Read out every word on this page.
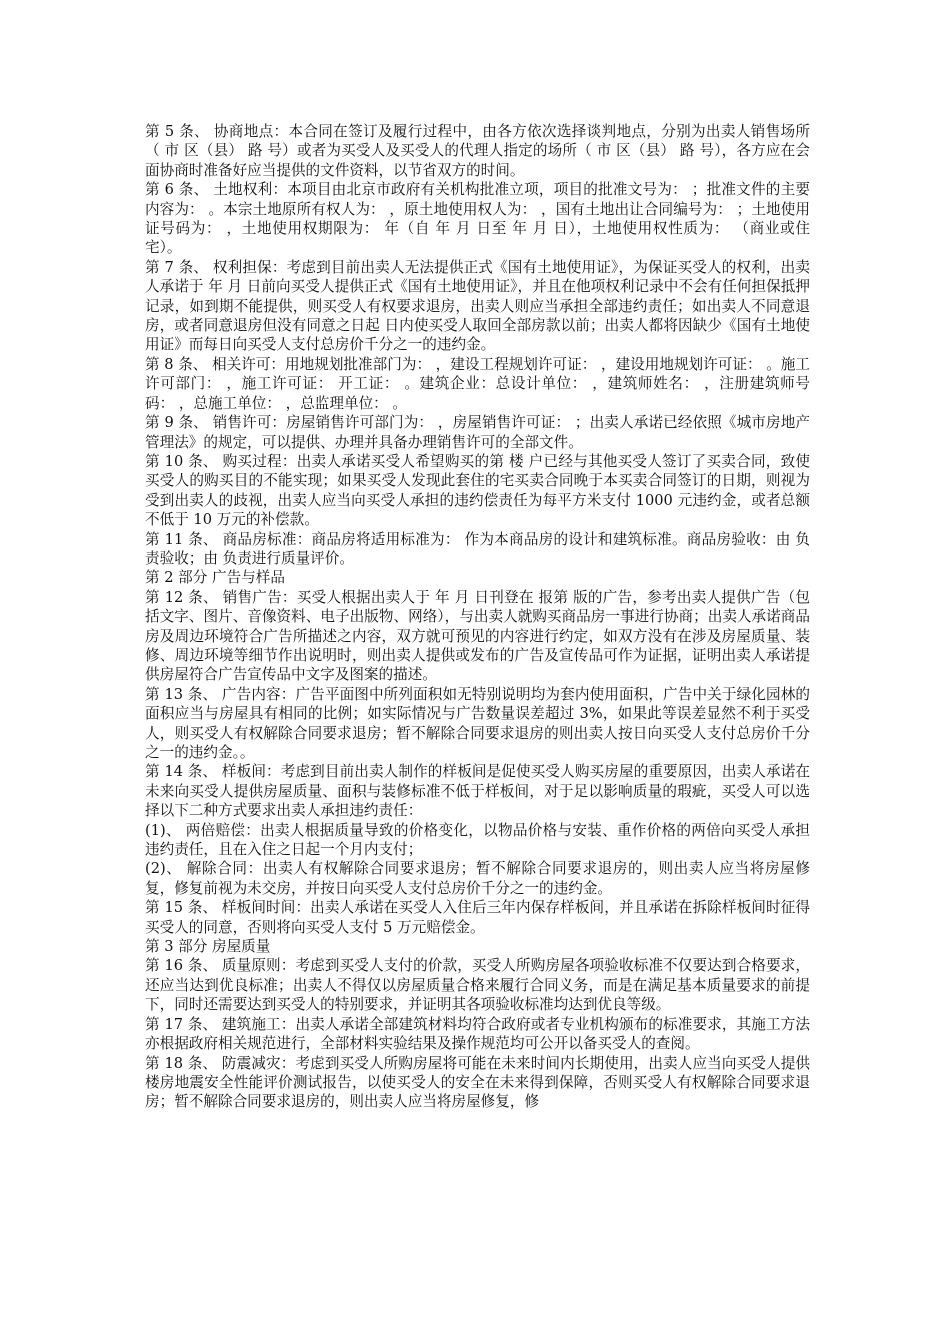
第 5 条、 协商地点：本合同在签订及履行过程中，由各方依次选择谈判地点，分别为出卖人销售场所（ 市 区（县） 路 号）或者为买受人及买受人的代理人指定的场所（ 市 区（县） 路 号），各方应在会面协商时准备好应当提供的文件资料，以节省双方的时间。

第 6 条、 土地权利：本项目由北京市政府有关机构批准立项，项目的批准文号为： ；批准文件的主要内容为： 。本宗土地原所有权人为： ，原土地使用权人为： ，国有土地出让合同编号为： ；土地使用证号码为： ，土地使用权期限为： 年（自 年 月 日至 年 月 日），土地使用权性质为： （商业或住宅）。

第 7 条、 权利担保：考虑到目前出卖人无法提供正式《国有土地使用证》，为保证买受人的权利，出卖人承诺于 年 月 日前向买受人提供正式《国有土地使用证》，并且在他项权利记录中不会有任何担保抵押记录，如到期不能提供，则买受人有权要求退房，出卖人则应当承担全部违约责任；如出卖人不同意退房，或者同意退房但没有同意之日起 日内使买受人取回全部房款以前；出卖人都将因缺少《国有土地使用证》而每日向买受人支付总房价千分之一的违约金。

第 8 条、 相关许可：用地规划批准部门为： ，建设工程规划许可证： ，建设用地规划许可证： 。施工许可部门： ，施工许可证： 开工证： 。建筑企业：总设计单位： ，建筑师姓名： ，注册建筑师号码： ，总施工单位： ，总监理单位： 。

第 9 条、 销售许可：房屋销售许可部门为： ，房屋销售许可证： ；出卖人承诺已经依照《城市房地产管理法》的规定，可以提供、办理并具备办理销售许可的全部文件。

第 10 条、 购买过程：出卖人承诺买受人希望购买的第 楼 户已经与其他买受人签订了买卖合同，致使买受人的购买目的不能实现；如果买受人发现此套住的宅买卖合同晚于本买卖合同签订的日期，则视为受到出卖人的歧视，出卖人应当向买受人承担的违约偿责任为每平方米支付 1000 元违约金，或者总额不低于 10 万元的补偿款。

第 11 条、 商品房标准：商品房将适用标准为： 作为本商品房的设计和建筑标准。商品房验收：由 负责验收；由 负责进行质量评价。

第 2 部分 广告与样品

第 12 条、 销售广告：买受人根据出卖人于 年 月 日刊登在 报第 版的广告，参考出卖人提供广告（包括文字、图片、音像资料、电子出版物、网络），与出卖人就购买商品房一事进行协商；出卖人承诺商品房及周边环境符合广告所描述之内容，双方就可预见的内容进行约定，如双方没有在涉及房屋质量、装修、周边环境等细节作出说明时，则出卖人提供或发布的广告及宣传品可作为证据，证明出卖人承诺提供房屋符合广告宣传品中文字及图案的描述。

第 13 条、 广告内容：广告平面图中所列面积如无特别说明均为套内使用面积，广告中关于绿化园林的面积应当与房屋具有相同的比例；如实际情况与广告数量误差超过 3%，如果此等误差显然不利于买受人，则买受人有权解除合同要求退房；暂不解除合同要求退房的则出卖人按日向买受人支付总房价千分之一的违约金。。

第 14 条、 样板间：考虑到目前出卖人制作的样板间是促使买受人购买房屋的重要原因，出卖人承诺在未来向买受人提供房屋质量、面积与装修标准不低于样板间，对于足以影响质量的瑕疵，买受人可以选择以下二种方式要求出卖人承担违约责任：

(1)、 两倍赔偿：出卖人根据质量导致的价格变化，以物品价格与安装、重作价格的两倍向买受人承担违约责任，且在入住之日起一个月内支付；

(2)、 解除合同：出卖人有权解除合同要求退房；暂不解除合同要求退房的，则出卖人应当将房屋修复，修复前视为未交房，并按日向买受人支付总房价千分之一的违约金。

第 15 条、 样板间时间：出卖人承诺在买受人入住后三年内保存样板间，并且承诺在拆除样板间时征得买受人的同意，否则将向买受人支付 5 万元赔偿金。

第 3 部分 房屋质量

第 16 条、 质量原则：考虑到买受人支付的价款，买受人所购房屋各项验收标准不仅要达到合格要求，还应当达到优良标准；出卖人不得仅以房屋质量合格来履行合同义务，而是在满足基本质量要求的前提下，同时还需要达到买受人的特别要求，并证明其各项验收标准均达到优良等级。

第 17 条、 建筑施工：出卖人承诺全部建筑材料均符合政府或者专业机构颁布的标准要求，其施工方法亦根据政府相关规范进行，全部材料实验结果及操作规范均可公开以备买受人的查阅。

第 18 条、 防震减灾：考虑到买受人所购房屋将可能在未来时间内长期使用，出卖人应当向买受人提供楼房地震安全性能评价测试报告，以使买受人的安全在未来得到保障，否则买受人有权解除合同要求退房；暂不解除合同要求退房的，则出卖人应当将房屋修复，修
